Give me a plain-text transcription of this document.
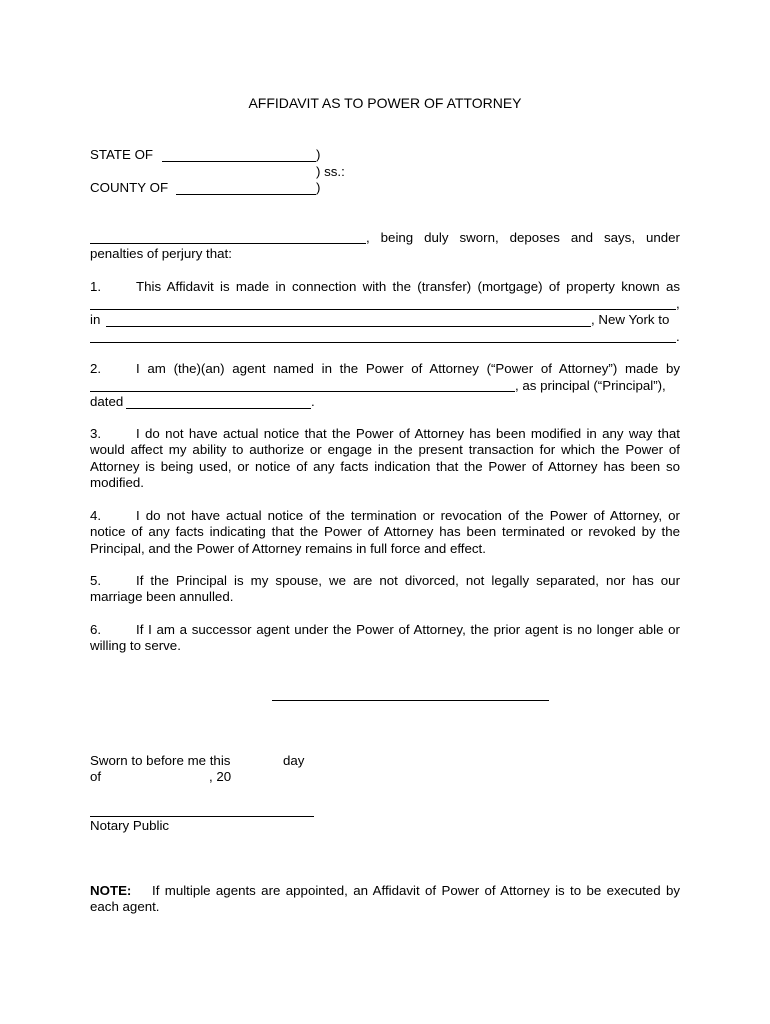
AFFIDAVIT AS TO POWER OF ATTORNEY
STATE OF	)
) ss.:
COUNTY OF	)
, being duly sworn, deposes and says, under
penalties of perjury that:
1.	This Affidavit is made in connection with the (transfer) (mortgage) of property known as
,
in	, New York to
.
2.	I am (the)(an) agent named in the Power of Attorney (“Power of Attorney”) made by
, as principal (“Principal”),
dated	.
3.	I do not have actual notice that the Power of Attorney has been modified in any way that would affect my ability to authorize or engage in the present transaction for which the Power of Attorney is being used, or notice of any facts indication that the Power of Attorney has been so modified.
4.	I do not have actual notice of the termination or revocation of the Power of Attorney, or notice of any facts indicating that the Power of Attorney has been terminated or revoked by the Principal, and the Power of Attorney remains in full force and effect.
5.	If the Principal is my spouse, we are not divorced, not legally separated, nor has our marriage been annulled.
6.	If I am a successor agent under the Power of Attorney, the prior agent is no longer able or willing to serve.
Sworn to before me this	day
of	, 20
Notary Public
NOTE: If multiple agents are appointed, an Affidavit of Power of Attorney is to be executed by each agent.
